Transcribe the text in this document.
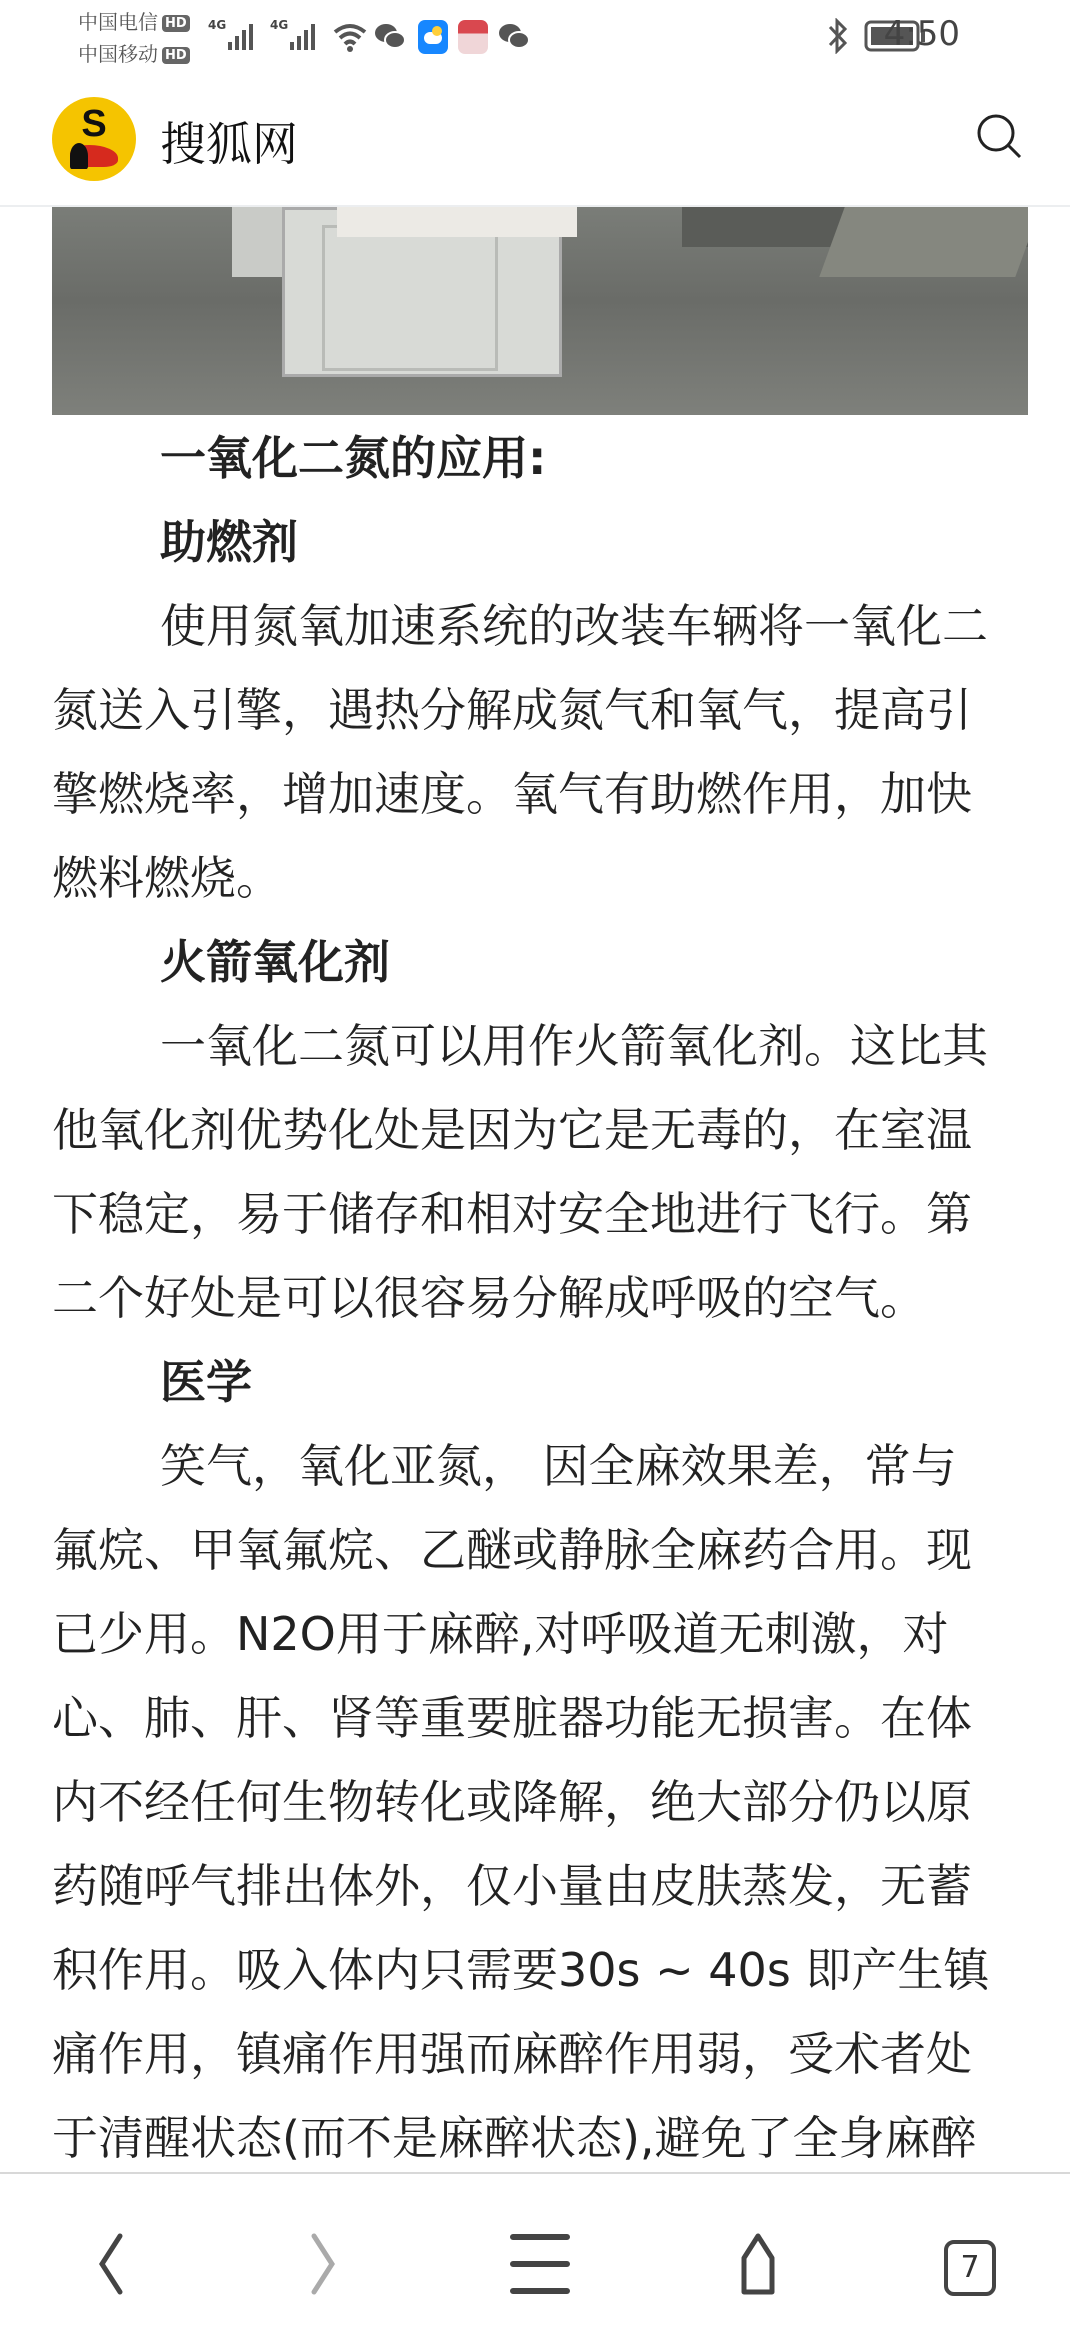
中国电信 HD
中国移动 HD
4G	4G	4:50
S	搜狐网
一氧化二氮的应用:
助燃剂
使用氮氧加速系统的改装车辆将一氧化二
氮送入引擎，遇热分解成氮气和氧气，提高引
擎燃烧率，增加速度。氧气有助燃作用，加快
燃料燃烧。
火箭氧化剂
一氧化二氮可以用作火箭氧化剂。这比其
他氧化剂优势化处是因为它是无毒的，在室温
下稳定，易于储存和相对安全地进行飞行。第
二个好处是可以很容易分解成呼吸的空气。
医学
笑气，氧化亚氮， 因全麻效果差，常与
氟烷、甲氧氟烷、乙醚或静脉全麻药合用。现
已少用。N2O用于麻醉,对呼吸道无刺激，对
心、肺、肝、肾等重要脏器功能无损害。在体
内不经任何生物转化或降解，绝大部分仍以原
药随呼气排出体外，仅小量由皮肤蒸发，无蓄
积作用。吸入体内只需要30s ~ 40s 即产生镇
痛作用，镇痛作用强而麻醉作用弱，受术者处
于清醒状态(而不是麻醉状态),避免了全身麻醉
7
